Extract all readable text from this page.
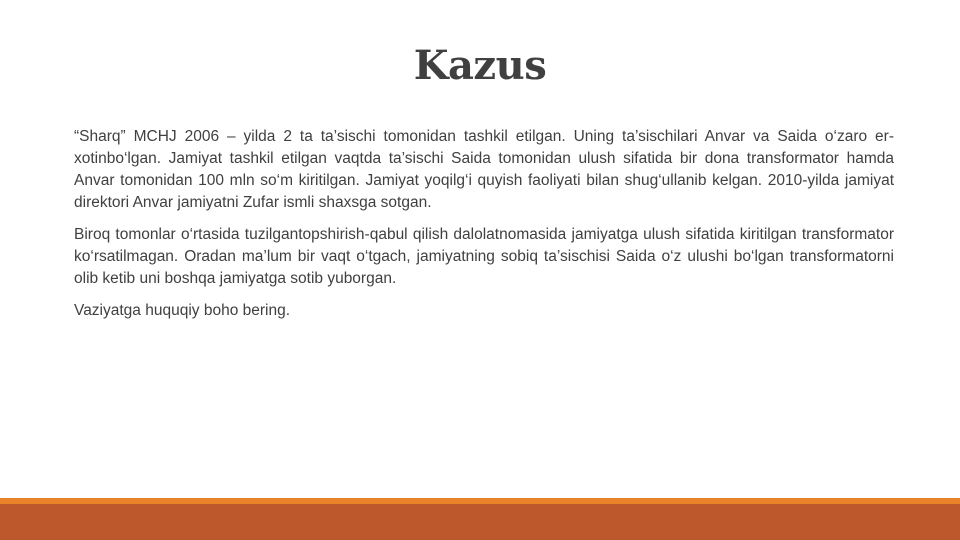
Kazus

“Sharq” MCHJ 2006 – yilda 2 ta ta’sischi tomonidan tashkil etilgan. Uning ta’sischilari Anvar va Saida o‘zaro er-xotinbo‘lgan. Jamiyat tashkil etilgan vaqtda ta’sischi Saida tomonidan ulush sifatida bir dona transformator hamda Anvar tomonidan 100 mln so‘m kiritilgan. Jamiyat yoqilg‘i quyish faoliyati bilan shug‘ullanib kelgan. 2010-yilda jamiyat direktori Anvar jamiyatni Zufar ismli shaxsga sotgan.

Biroq tomonlar o‘rtasida tuzilgantopshirish-qabul qilish dalolatnomasida jamiyatga ulush sifatida kiritilgan transformator ko‘rsatilmagan. Oradan ma’lum bir vaqt o‘tgach, jamiyatning sobiq ta’sischisi Saida o‘z ulushi bo‘lgan transformatorni olib ketib uni boshqa jamiyatga sotib yuborgan.

Vaziyatga huquqiy boho bering.
